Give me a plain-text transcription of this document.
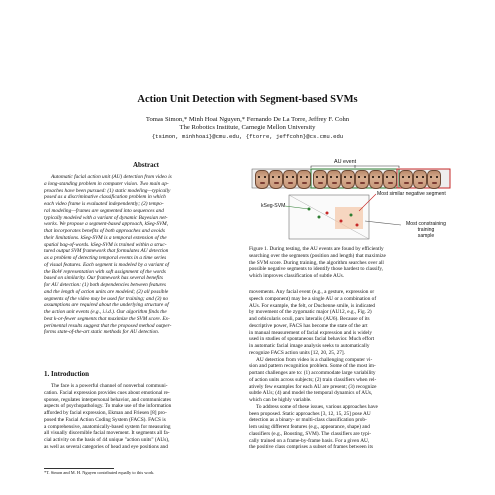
Action Unit Detection with Segment-based SVMs
Tomas Simon,* Minh Hoai Nguyen,* Fernando De La Torre, Jeffrey F. Cohn
The Robotics Institute, Carnegie Mellon University
{tsimon, minhhoai}@cmu.edu, {ftorre, jeffcohn}@cs.cmu.edu
Abstract
Automatic facial action unit (AU) detection from video is
a long-standing problem in computer vision. Two main ap-
proaches have been pursued: (1) static modeling—typically
posed as a discriminative classification problem in which
each video frame is evaluated independently; (2) tempo-
ral modeling—frames are segmented into sequences and
typically modeled with a variant of dynamic Bayesian net-
works. We propose a segment-based approach, kSeg-SVM,
that incorporates benefits of both approaches and avoids
their limitations. kSeg-SVM is a temporal extension of the
spatial bag-of-words. kSeg-SVM is trained within a struc-
tured output SVM framework that formulates AU detection
as a problem of detecting temporal events in a time series
of visual features. Each segment is modeled by a variant of
the BoW representation with soft assignment of the words
based on similarity. Our framework has several benefits
for AU detection: (1) both dependencies between features
and the length of action units are modeled; (2) all possible
segments of the video may be used for training; and (3) no
assumptions are required about the underlying structure of
the action unit events (e.g., i.i.d.). Our algorithm finds the
best k-or-fewer segments that maximize the SVM score. Ex-
perimental results suggest that the proposed method outper-
forms state-of-the-art static methods for AU detection.
1. Introduction
The face is a powerful channel of nonverbal communi-
cation. Facial expression provides cues about emotional re-
sponse, regulates interpersonal behavior, and communicates
aspects of psychopathology. To make use of the information
afforded by facial expression, Ekman and Friesen [8] pro-
posed the Facial Action Coding System (FACS). FACS is
a comprehensive, anatomically-based system for measuring
all visually discernible facial movement. It segments all fa-
cial activity on the basis of 44 unique "action units" (AUs),
as well as several categories of head and eye positions and
*T. Simon and M. H. Nguyen contributed equally to this work.
AU event
kSeg-SVM
Most similar negative segment
Most constraining training
sample
Figure 1. During testing, the AU events are found by efficiently
searching over the segments (position and length) that maximize
the SVM score. During training, the algorithm searches over all
possible negative segments to identify those hardest to classify,
which improves classification of subtle AUs.
movements. Any facial event (e.g., a gesture, expression or
speech component) may be a single AU or a combination of
AUs. For example, the felt, or Duchenne smile, is indicated
by movement of the zygomatic major (AU12, e.g., Fig. 2)
and orbicularis oculi, pars lateralis (AU6). Because of its
descriptive power, FACS has become the state of the art
in manual measurement of facial expression and is widely
used in studies of spontaneous facial behavior. Much effort
in automatic facial image analysis seeks to automatically
recognize FACS action units [12, 20, 25, 27].
AU detection from video is a challenging computer vi-
sion and pattern recognition problem. Some of the most im-
portant challenges are to: (1) accommodate large variability
of action units across subjects; (2) train classifiers when rel-
atively few examples for each AU are present; (3) recognize
subtle AUs; (4) and model the temporal dynamics of AUs,
which can be highly variable.
To address some of these issues, various approaches have
been proposed. Static approaches [3, 12, 15, 25] pose AU
detection as a binary- or multi-class classification prob-
lem using different features (e.g., appearance, shape) and
classifiers (e.g., Boosting, SVM). The classifiers are typi-
cally trained on a frame-by-frame basis. For a given AU,
the positive class comprises a subset of frames between its
